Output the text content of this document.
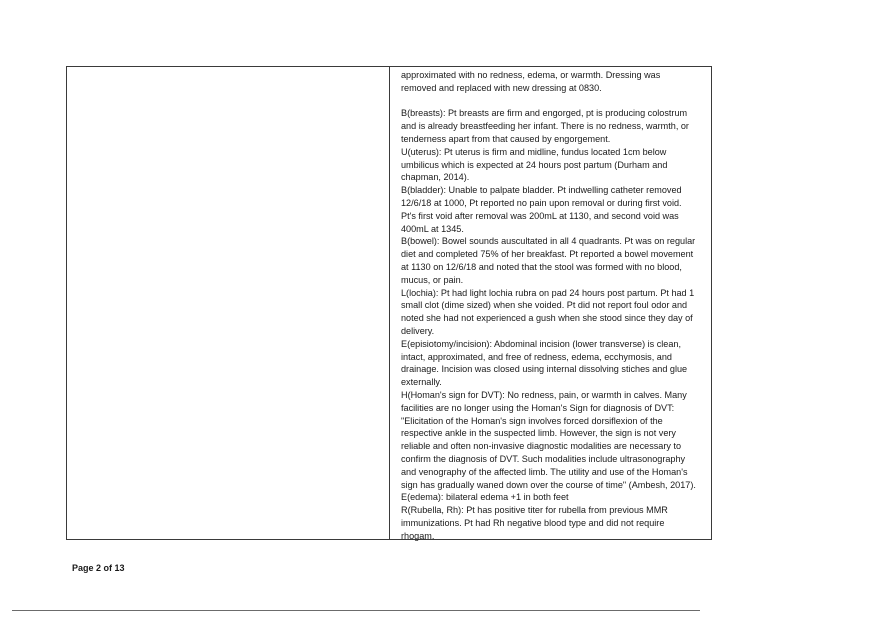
approximated with no redness, edema, or warmth. Dressing was

removed and replaced with new dressing at 0830.

B(breasts): Pt breasts are firm and engorged, pt is producing colostrum

and is already breastfeeding her infant. There is no redness, warmth, or

tenderness apart from that caused by engorgement.

U(uterus): Pt uterus is firm and midline, fundus located 1cm below

umbilicus which is expected at 24 hours post partum (Durham and

chapman, 2014).

B(bladder): Unable to palpate bladder. Pt indwelling catheter removed

12/6/18 at 1000, Pt reported no pain upon removal or during first void.

Pt's first void after removal was 200mL at 1130, and second void was

400mL at 1345.

B(bowel): Bowel sounds auscultated in all 4 quadrants. Pt was on regular

diet and completed 75% of her breakfast. Pt reported a bowel movement

at 1130 on 12/6/18 and noted that the stool was formed with no blood,

mucus, or pain.

L(lochia): Pt had light lochia rubra on pad 24 hours post partum. Pt had 1

small clot (dime sized) when she voided. Pt did not report foul odor and

noted she had not experienced a gush when she stood since they day of

delivery.

E(episiotomy/incision): Abdominal incision (lower transverse) is clean,

intact, approximated, and free of redness, edema, ecchymosis, and

drainage. Incision was closed using internal dissolving stiches and glue

externally.

H(Homan's sign for DVT): No redness, pain, or warmth in calves. Many

facilities are no longer using the Homan's Sign for diagnosis of DVT:

"Elicitation of the Homan's sign involves forced dorsiflexion of the

respective ankle in the suspected limb. However, the sign is not very

reliable and often non-invasive diagnostic modalities are necessary to

confirm the diagnosis of DVT. Such modalities include ultrasonography

and venography of the affected limb. The utility and use of the Homan's

sign has gradually waned down over the course of time" (Ambesh, 2017).

E(edema): bilateral edema +1 in both feet

R(Rubella, Rh): Pt has positive titer for rubella from previous MMR

immunizations. Pt had Rh negative blood type and did not require

rhogam.

Page 2 of 13
